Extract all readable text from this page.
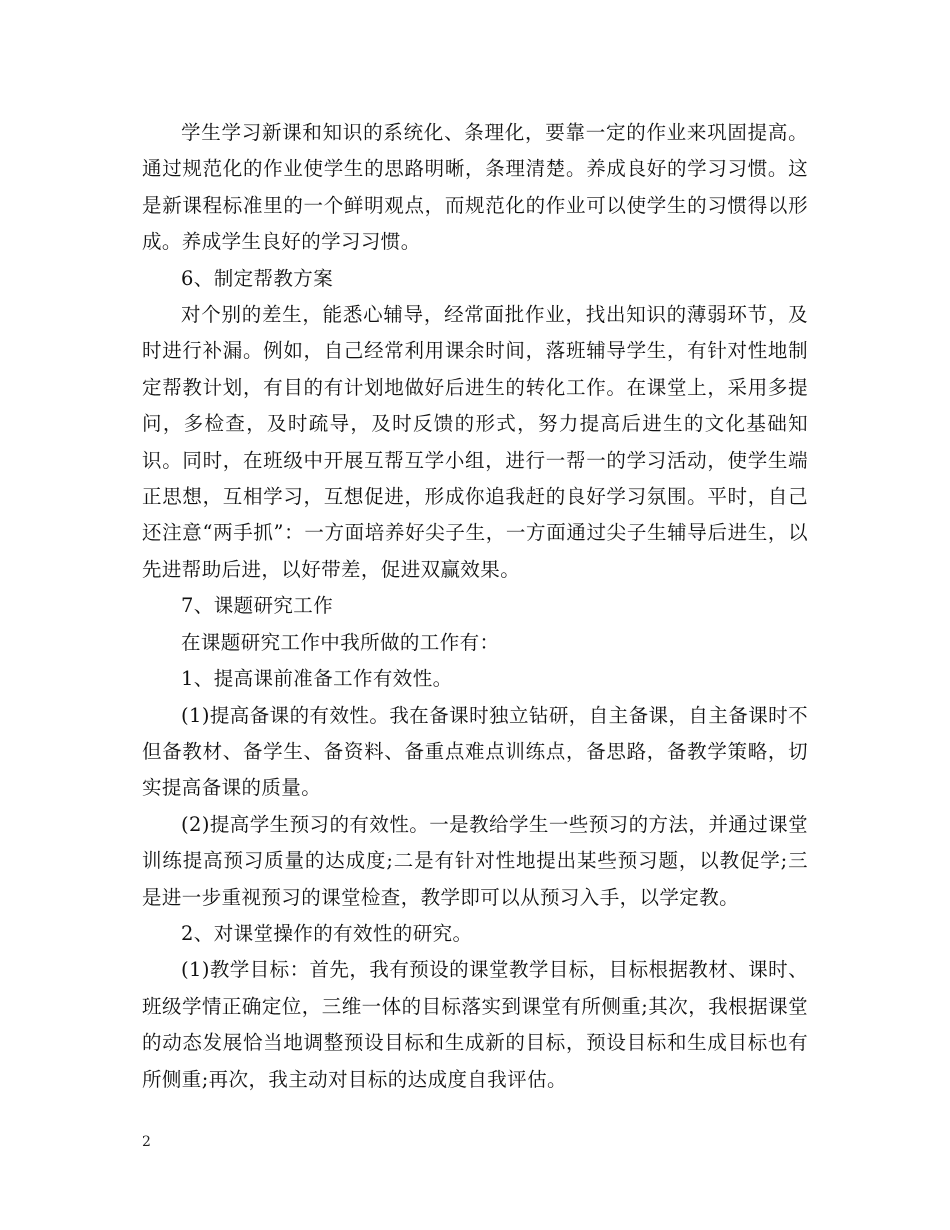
学生学习新课和知识的系统化、条理化，要靠一定的作业来巩固提高。通过规范化的作业使学生的思路明晰，条理清楚。养成良好的学习习惯。这是新课程标准里的一个鲜明观点，而规范化的作业可以使学生的习惯得以形成。养成学生良好的学习习惯。

6、制定帮教方案

对个别的差生，能悉心辅导，经常面批作业，找出知识的薄弱环节，及时进行补漏。例如，自己经常利用课余时间，落班辅导学生，有针对性地制定帮教计划，有目的有计划地做好后进生的转化工作。在课堂上，采用多提问，多检查，及时疏导，及时反馈的形式，努力提高后进生的文化基础知识。同时，在班级中开展互帮互学小组，进行一帮一的学习活动，使学生端正思想，互相学习，互想促进，形成你追我赶的良好学习氛围。平时，自己还注意“两手抓”：一方面培养好尖子生，一方面通过尖子生辅导后进生，以先进帮助后进，以好带差，促进双赢效果。

7、课题研究工作

在课题研究工作中我所做的工作有：

1、提高课前准备工作有效性。

(1)提高备课的有效性。我在备课时独立钻研，自主备课，自主备课时不但备教材、备学生、备资料、备重点难点训练点，备思路，备教学策略，切实提高备课的质量。

(2)提高学生预习的有效性。一是教给学生一些预习的方法，并通过课堂训练提高预习质量的达成度;二是有针对性地提出某些预习题，以教促学;三是进一步重视预习的课堂检查，教学即可以从预习入手，以学定教。

2、对课堂操作的有效性的研究。

(1)教学目标：首先，我有预设的课堂教学目标，目标根据教材、课时、班级学情正确定位，三维一体的目标落实到课堂有所侧重;其次，我根据课堂的动态发展恰当地调整预设目标和生成新的目标，预设目标和生成目标也有所侧重;再次，我主动对目标的达成度自我评估。

2
